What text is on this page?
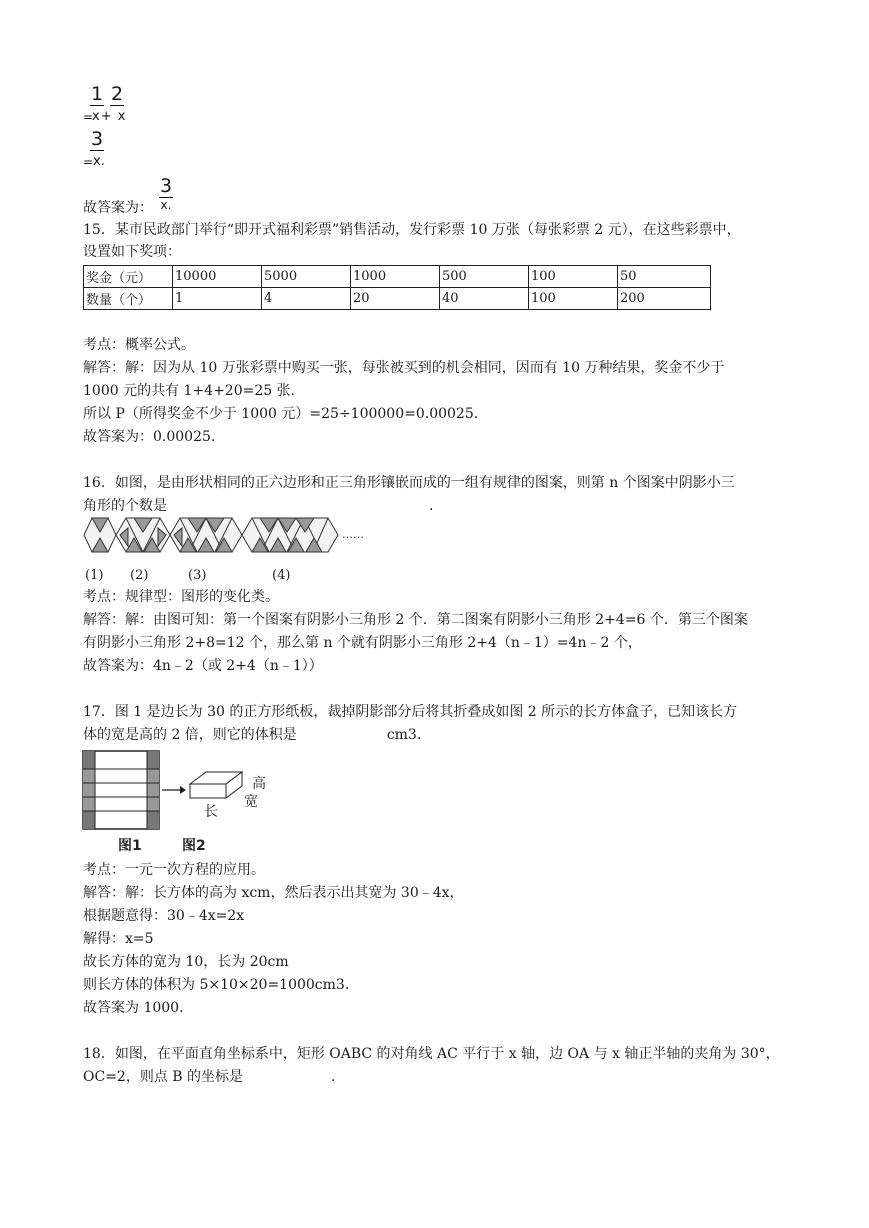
1 2
=
x+ x
3
= x.
故答案为：
3
x.
15．某市民政部门举行“即开式福利彩票”销售活动，发行彩票 10 万张（每张彩票 2 元），在这些彩票中，
设置如下奖项：
奖金（元）	10000	5000	1000	500	100	50
数量（个）	1	4	20	40	100	200
考点：概率公式。
解答：解：因为从 10 万张彩票中购买一张，每张被买到的机会相同，因而有 10 万种结果，奖金不少于
1000 元的共有 1+4+20=25 张.
所以 P（所得奖金不少于 1000 元）=25÷100000=0.00025.
故答案为：0.00025.
16．如图，是由形状相同的正六边形和正三角形镶嵌而成的一组有规律的图案，则第 n 个图案中阴影小三
角形的个数是	.
……
(1) (2)	(3)	(4)
考点：规律型：图形的变化类。
解答：解：由图可知：第一个图案有阴影小三角形 2 个．第二图案有阴影小三角形 2+4=6 个．第三个图案
有阴影小三角形 2+8=12 个，那么第 n 个就有阴影小三角形 2+4（n﹣1）=4n﹣2 个，
故答案为：4n﹣2（或 2+4（n﹣1））
17．图 1 是边长为 30 的正方形纸板，裁掉阴影部分后将其折叠成如图 2 所示的长方体盒子，已知该长方
体的宽是高的 2 倍，则它的体积是	cm3.
高
宽
长
图1	图2
考点：一元一次方程的应用。
解答：解：长方体的高为 xcm，然后表示出其宽为 30﹣4x，
根据题意得：30﹣4x=2x
解得：x=5
故长方体的宽为 10，长为 20cm
则长方体的体积为 5×10×20=1000cm3.
故答案为 1000.
18．如图，在平面直角坐标系中，矩形 OABC 的对角线 AC 平行于 x 轴，边 OA 与 x 轴正半轴的夹角为 30°，
OC=2，则点 B 的坐标是	.
